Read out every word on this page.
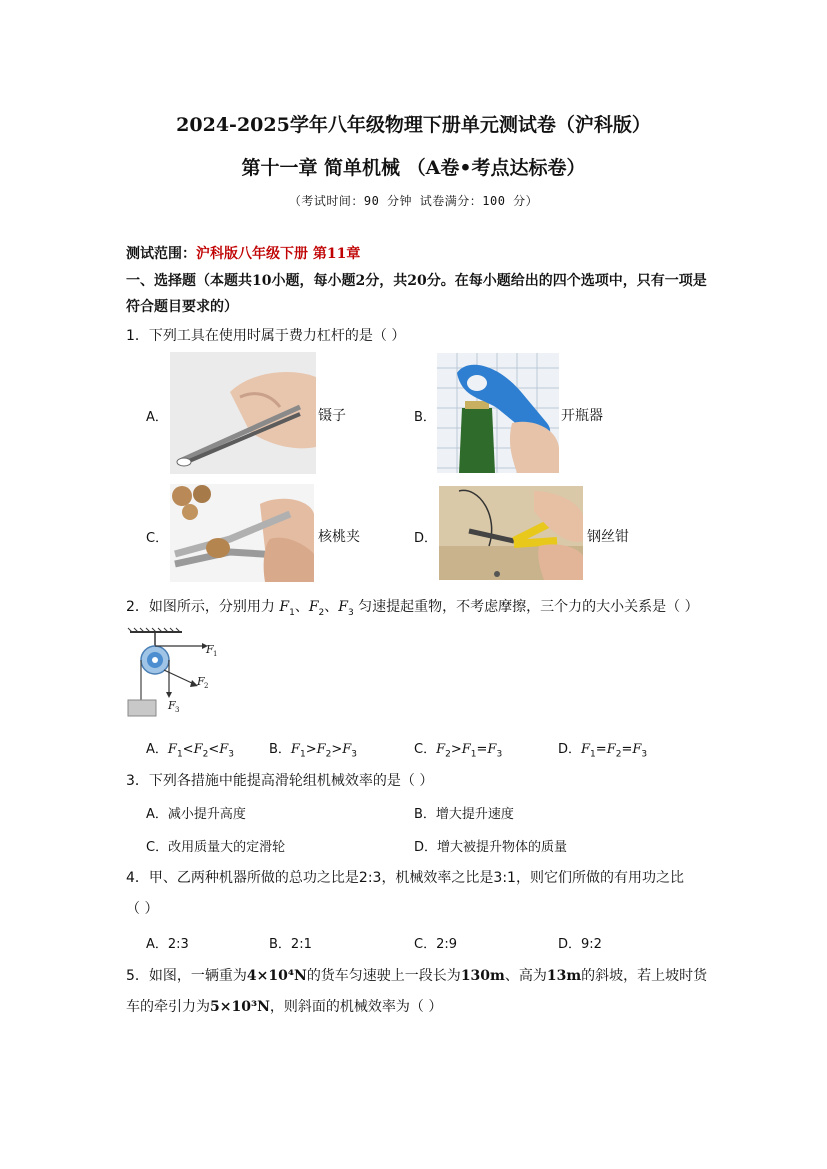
2024-2025学年八年级物理下册单元测试卷（沪科版）
第十一章 简单机械 （A卷•考点达标卷）
（考试时间：90 分钟 试卷满分：100 分）
测试范围：沪科版八年级下册 第11章
一、选择题（本题共10小题，每小题2分，共20分。在每小题给出的四个选项中，只有一项是符合题目要求的）
1．下列工具在使用时属于费力杠杆的是（ ）
A．	镊子	B．	开瓶器
C．	核桃夹	D．	钢丝钳
2．如图所示，分别用力 $F_1$、$F_2$、$F_3$ 匀速提起重物，不考虑摩擦，三个力的大小关系是（ ）
F 1
F 2
F 3
A．$F_1<F_2<F_3$	B．$F_1>F_2>F_3$	C．$F_2>F_1=F_3$	D．$F_1=F_2=F_3$
3．下列各措施中能提高滑轮组机械效率的是（ ）
A．减小提升高度	B．增大提升速度
C．改用质量大的定滑轮	D．增大被提升物体的质量
4．甲、乙两种机器所做的总功之比是2:3，机械效率之比是3:1，则它们所做的有用功之比
（ ）
A．2:3	B．2:1	C．2:9	D．9:2
5．如图，一辆重为4×10⁴N的货车匀速驶上一段长为130m、高为13m的斜坡，若上坡时货
车的牵引力为5×10³N，则斜面的机械效率为（ ）
